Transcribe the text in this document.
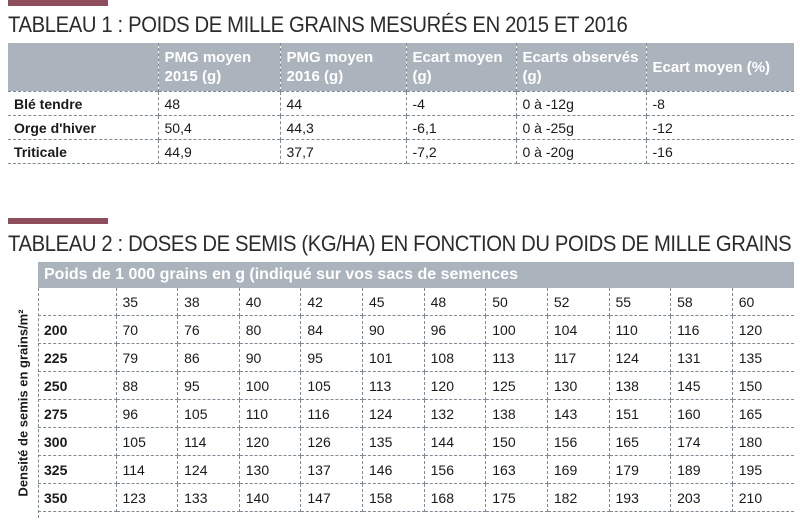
TABLEAU 1 : POIDS DE MILLE GRAINS MESURÉS EN 2015 ET 2016
	PMG moyen 2015 (g)	PMG moyen 2016 (g)	Ecart moyen (g)	Ecarts observés (g)	Ecart moyen (%)
Blé tendre	48	44	-4	0 à -12g	-8
Orge d'hiver	50,4	44,3	-6,1	0 à -25g	-12
Triticale	44,9	37,7	-7,2	0 à -20g	-16
TABLEAU 2 : DOSES DE SEMIS (KG/HA) EN FONCTION DU POIDS DE MILLE GRAINS
Poids de 1 000 grains en g (indiqué sur vos sacs de semences
Densité de semis en grains/m²
	35	38	40	42	45	48	50	52	55	58	60
200	70	76	80	84	90	96	100	104	110	116	120
225	79	86	90	95	101	108	113	117	124	131	135
250	88	95	100	105	113	120	125	130	138	145	150
275	96	105	110	116	124	132	138	143	151	160	165
300	105	114	120	126	135	144	150	156	165	174	180
325	114	124	130	137	146	156	163	169	179	189	195
350	123	133	140	147	158	168	175	182	193	203	210
